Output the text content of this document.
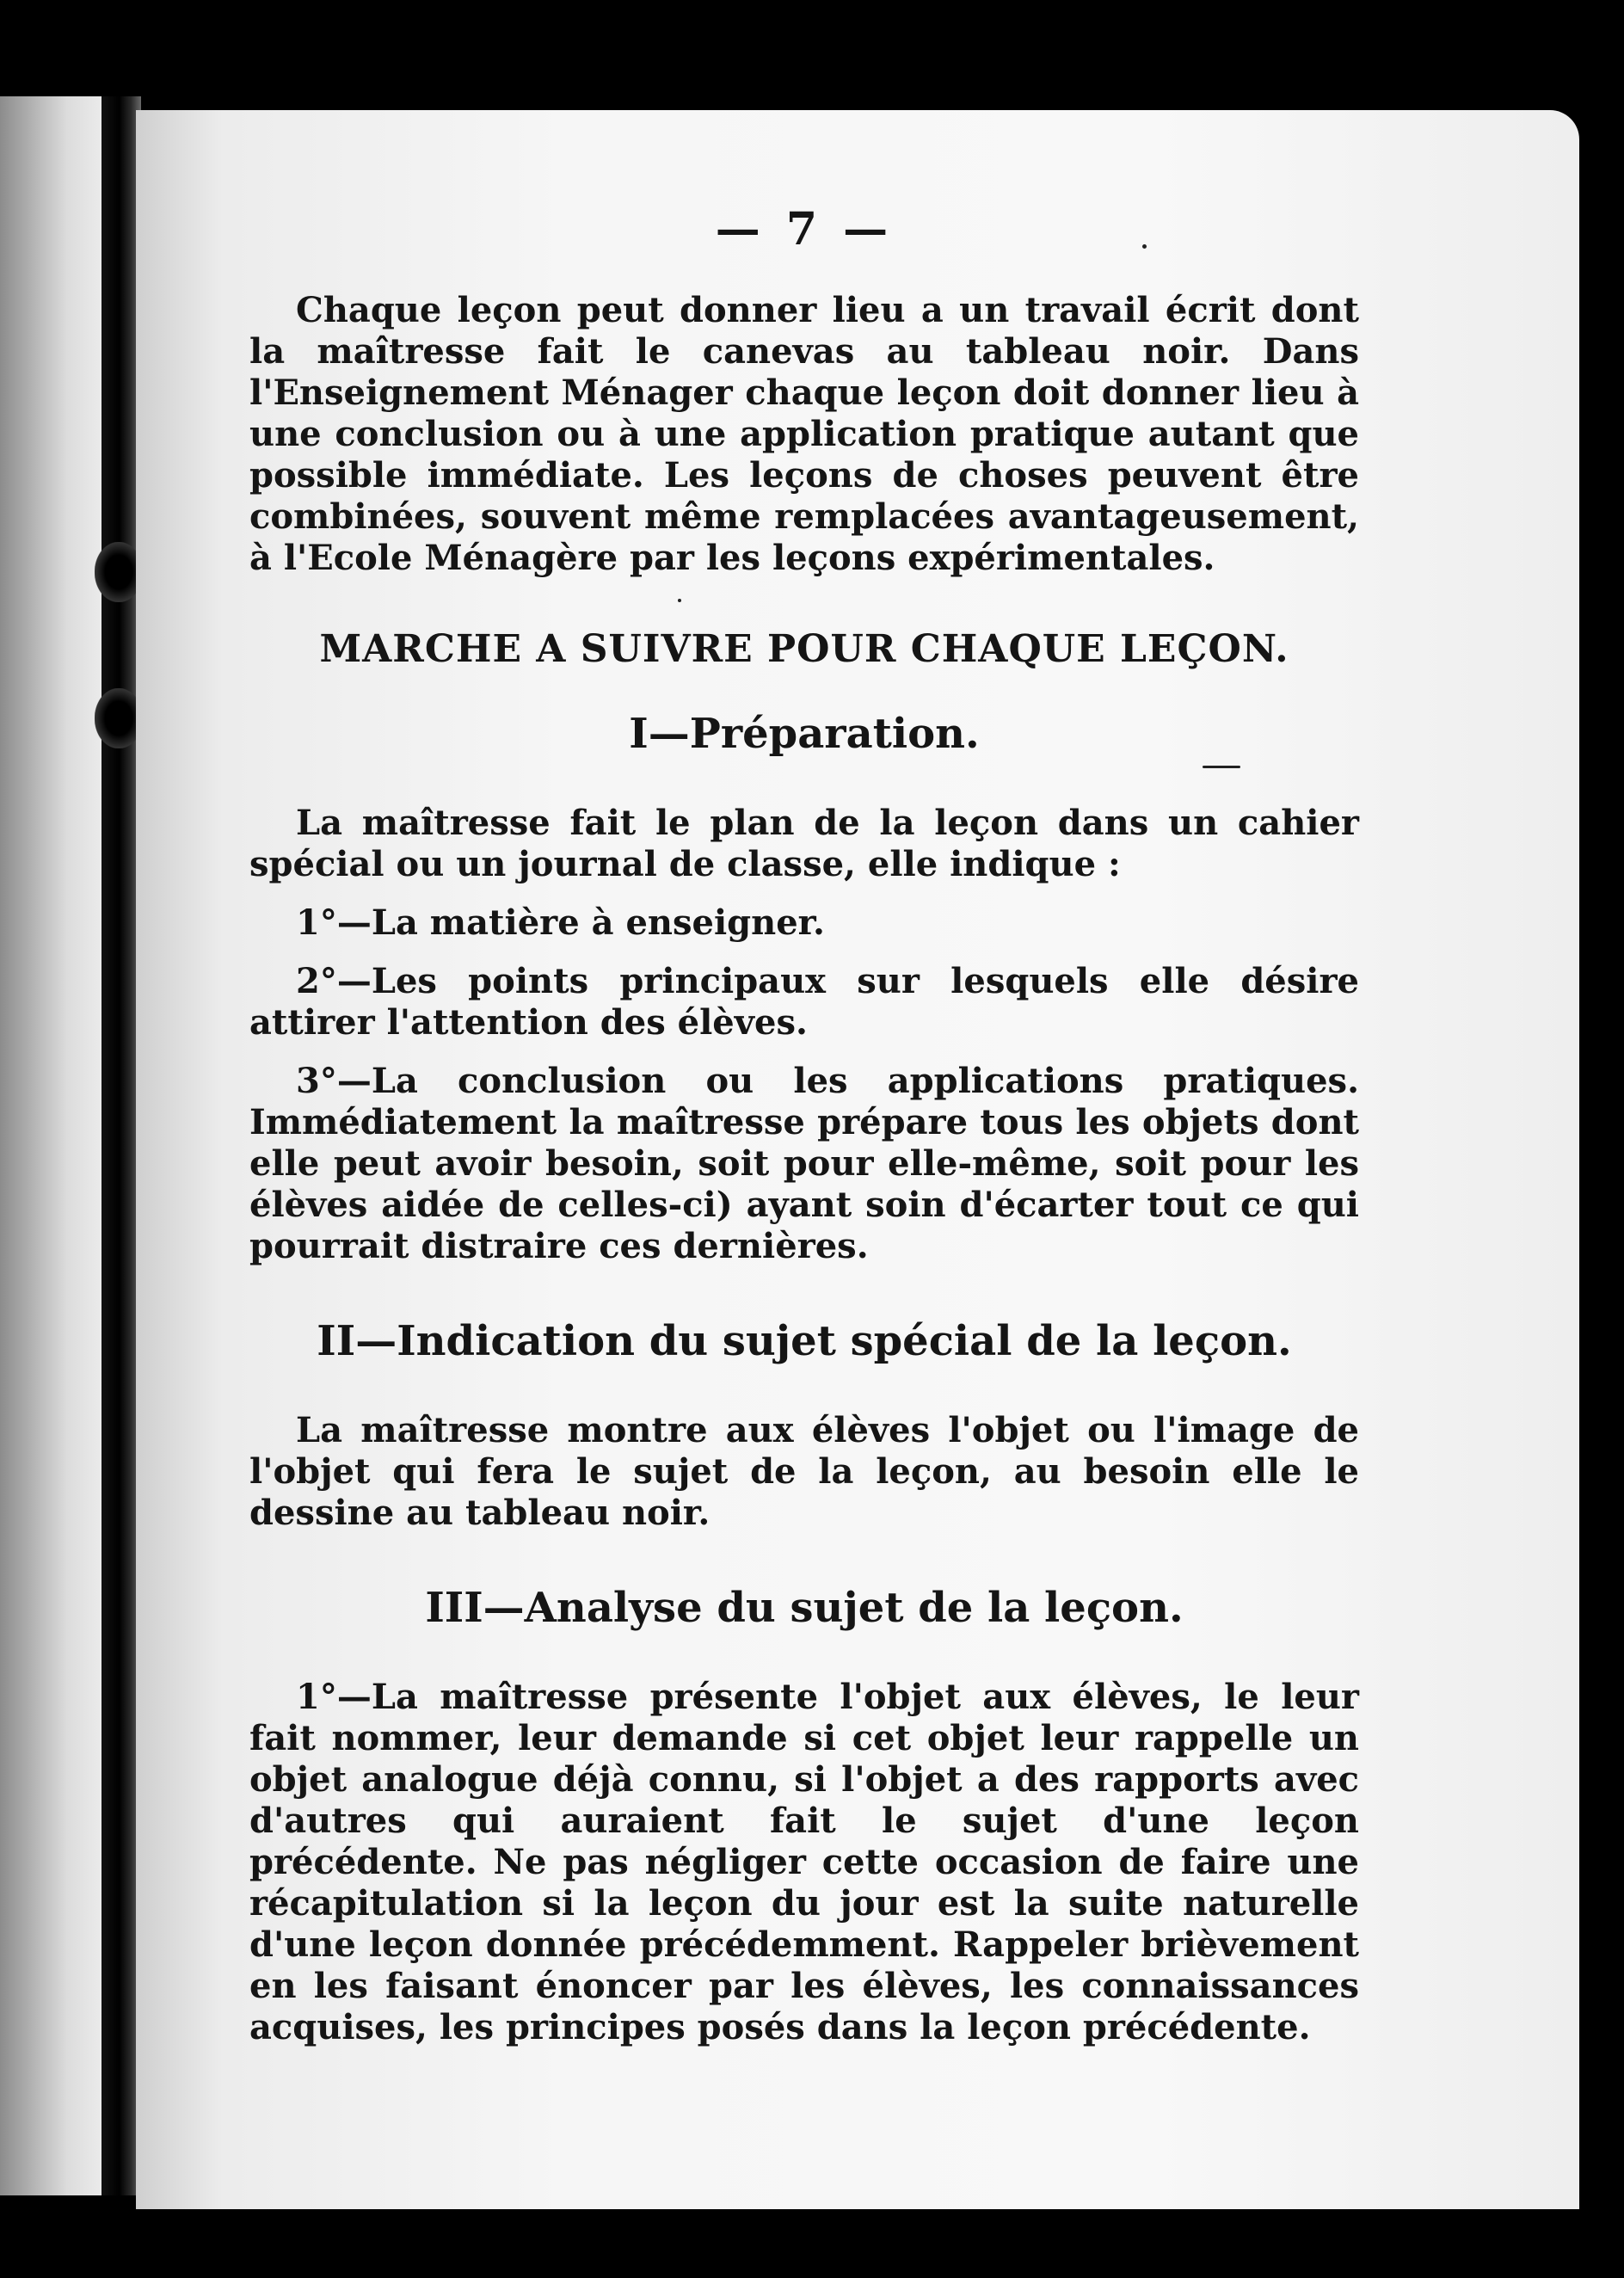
— 7 —

Chaque leçon peut donner lieu a un travail écrit dont la maîtresse fait le canevas au tableau noir. Dans l'Enseignement Ménager chaque leçon doit donner lieu à une conclusion ou à une application pratique autant que possible immédiate. Les leçons de choses peuvent être combinées, souvent même remplacées avantageusement, à l'Ecole Ménagère par les leçons expérimentales.

MARCHE A SUIVRE POUR CHAQUE LEÇON.
I—Préparation.

La maîtresse fait le plan de la leçon dans un cahier spécial ou un journal de classe, elle indique :

1°—La matière à enseigner.

2°—Les points principaux sur lesquels elle désire attirer l'attention des élèves.

3°—La conclusion ou les applications pratiques. Immédiatement la maîtresse prépare tous les objets dont elle peut avoir besoin, soit pour elle-même, soit pour les élèves aidée de celles-ci) ayant soin d'écarter tout ce qui pourrait distraire ces dernières.

II—Indication du sujet spécial de la leçon.

La maîtresse montre aux élèves l'objet ou l'image de l'objet qui fera le sujet de la leçon, au besoin elle le dessine au tableau noir.

III—Analyse du sujet de la leçon.

1°—La maîtresse présente l'objet aux élèves, le leur fait nommer, leur demande si cet objet leur rappelle un objet analogue déjà connu, si l'objet a des rapports avec d'autres qui auraient fait le sujet d'une leçon précédente. Ne pas négliger cette occasion de faire une récapitulation si la leçon du jour est la suite naturelle d'une leçon donnée précédemment. Rappeler brièvement en les faisant énoncer par les élèves, les connaissances acquises, les principes posés dans la leçon précédente.
